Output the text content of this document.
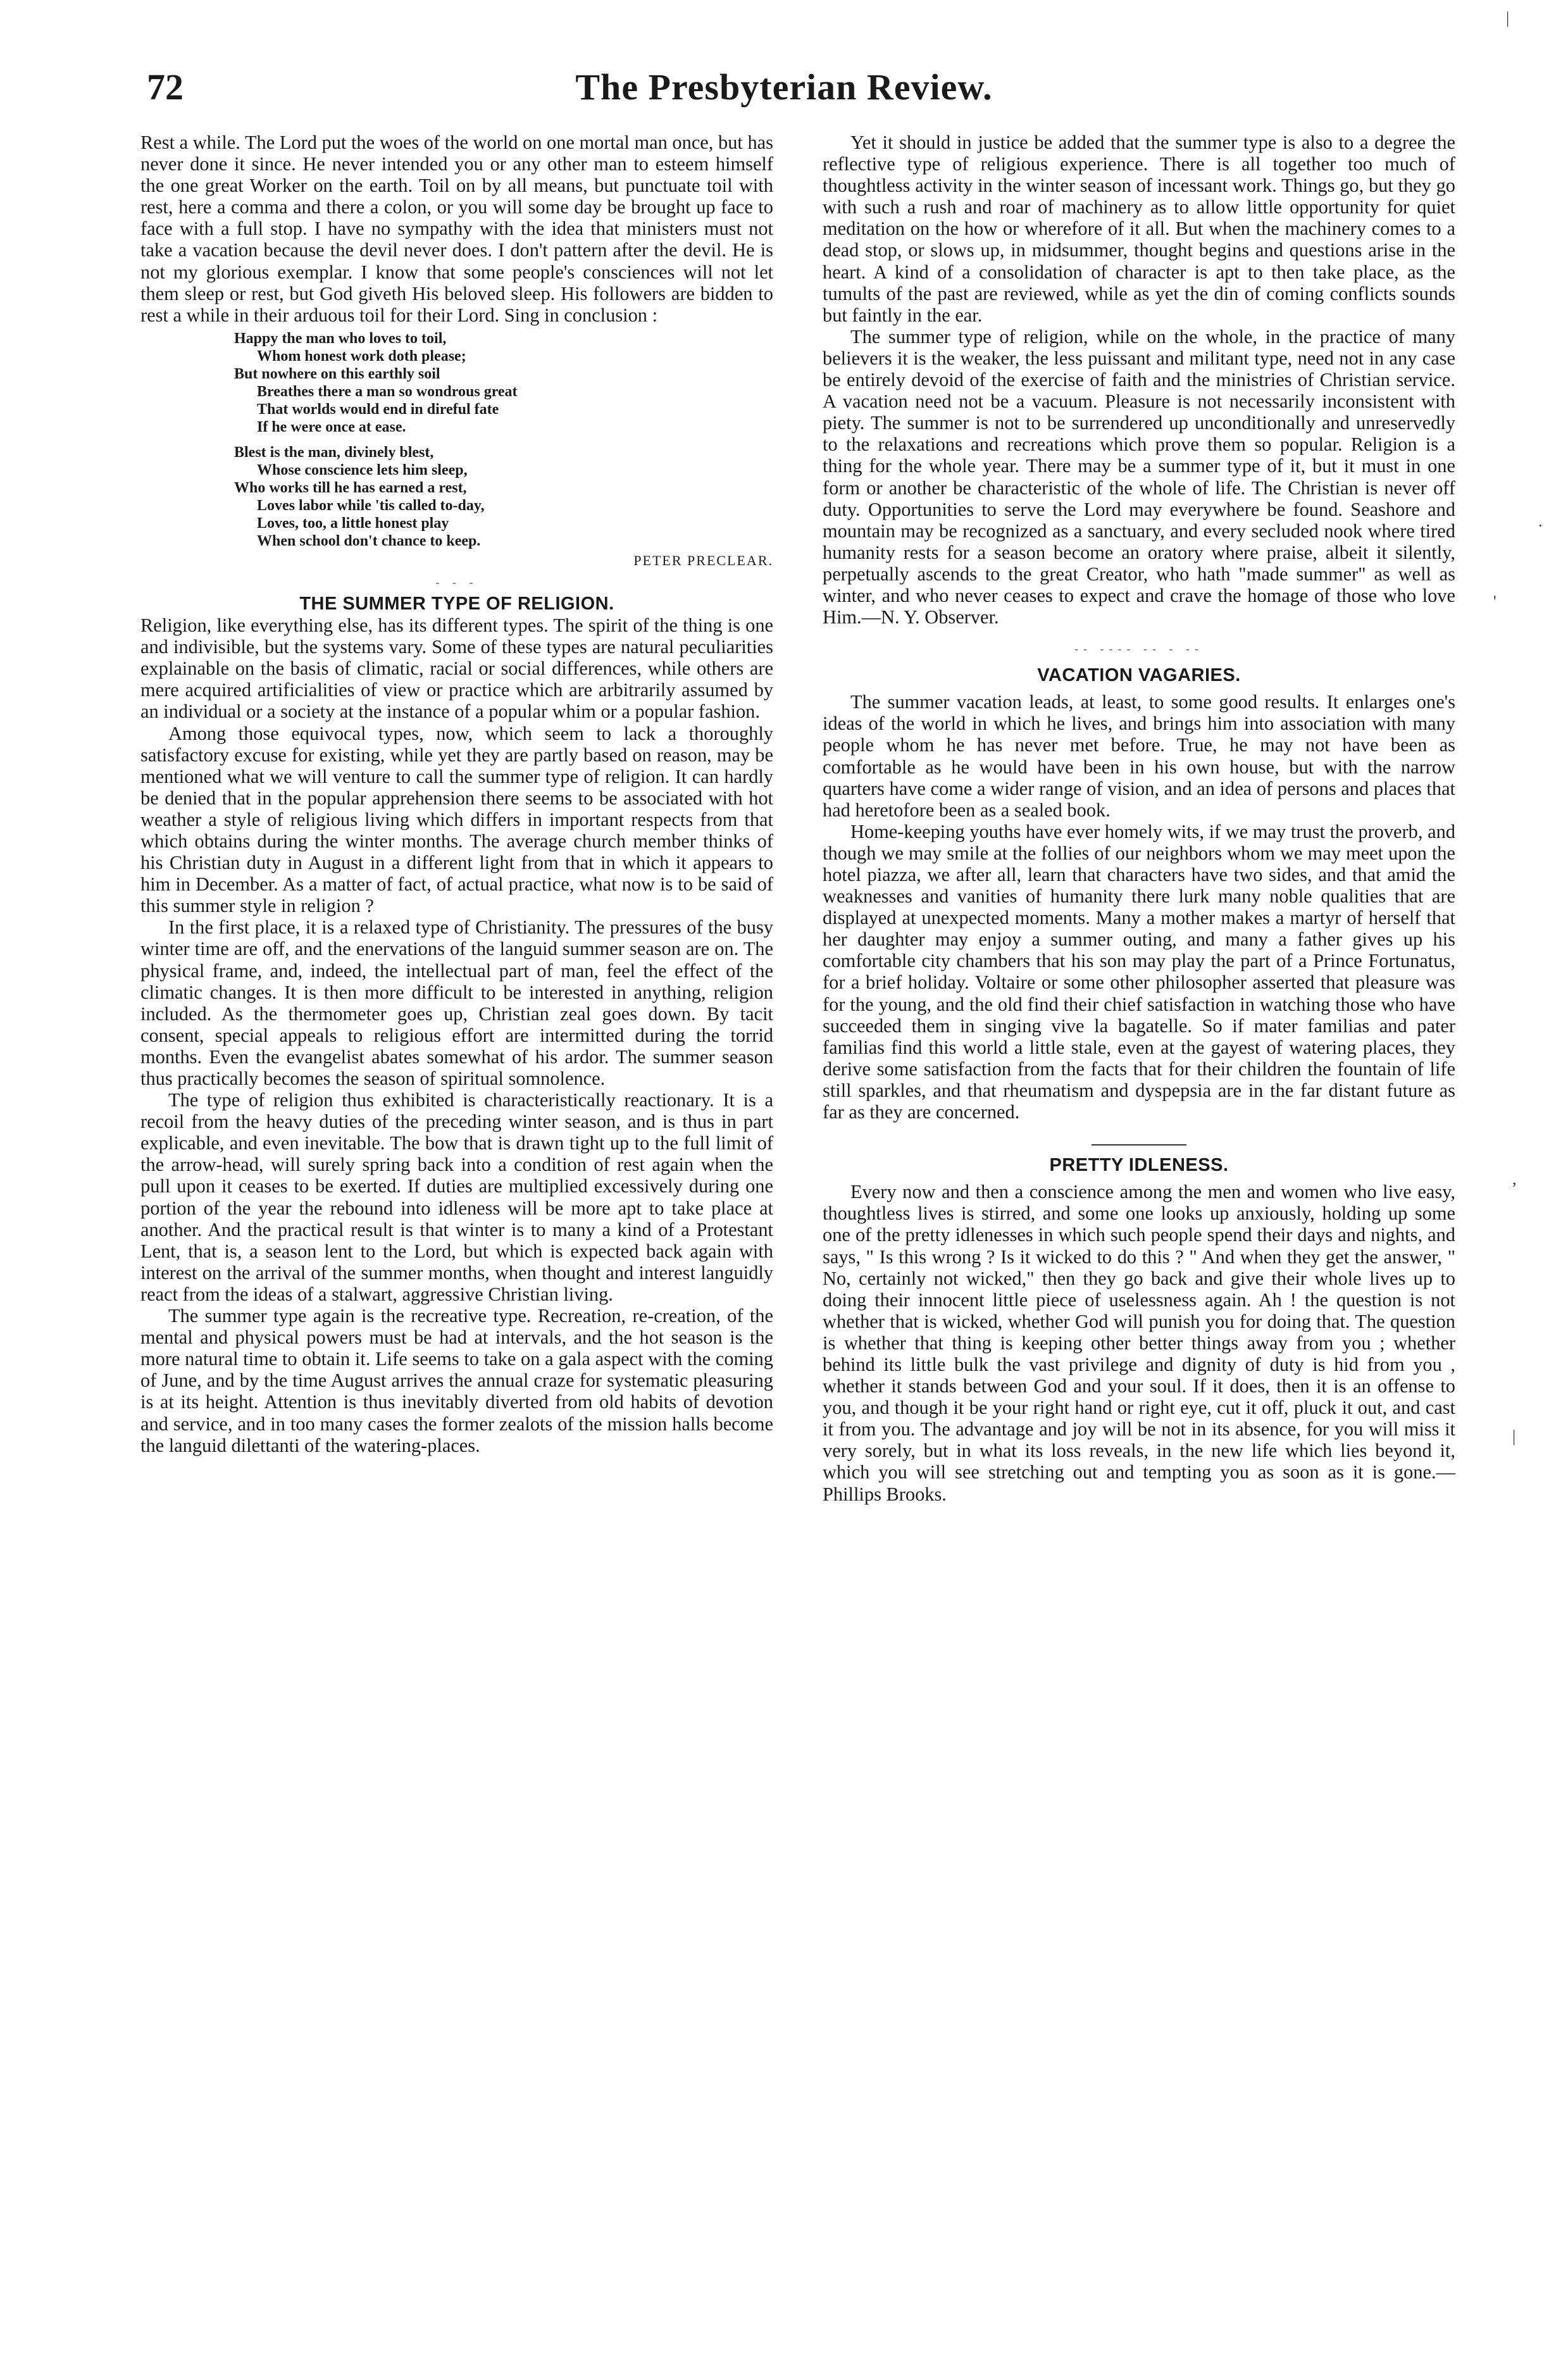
72	The Presbyterian Review.
|
·
'
,
|

Rest a while. The Lord put the woes of the world on one mortal man once, but has never done it since. He never intended you or any other man to esteem himself the one great Worker on the earth. Toil on by all means, but punctuate toil with rest, here a comma and there a colon, or you will some day be brought up face to face with a full stop. I have no sympathy with the idea that ministers must not take a vacation because the devil never does. I don't pattern after the devil. He is not my glorious exemplar. I know that some people's consciences will not let them sleep or rest, but God giveth His beloved sleep. His followers are bidden to rest a while in their arduous toil for their Lord. Sing in conclusion :

Happy the man who loves to toil,
Whom honest work doth please;
But nowhere on this earthly soil
Breathes there a man so wondrous great
That worlds would end in direful fate
If he were once at ease.
Blest is the man, divinely blest,
Whose conscience lets him sleep,
Who works till he has earned a rest,
Loves labor while 'tis called to-day,
Loves, too, a little honest play
When school don't chance to keep.
PETER PRECLEAR.
- - -
THE SUMMER TYPE OF RELIGION.

Religion, like everything else, has its different types. The spirit of the thing is one and indivisible, but the systems vary. Some of these types are natural peculiarities explainable on the basis of climatic, racial or social differences, while others are mere acquired artificialities of view or practice which are arbitrarily assumed by an individual or a society at the instance of a popular whim or a popular fashion.

Among those equivocal types, now, which seem to lack a thoroughly satisfactory excuse for existing, while yet they are partly based on reason, may be mentioned what we will venture to call the summer type of religion. It can hardly be denied that in the popular apprehension there seems to be associated with hot weather a style of religious living which differs in important respects from that which obtains during the winter months. The average church member thinks of his Christian duty in August in a different light from that in which it appears to him in December. As a matter of fact, of actual practice, what now is to be said of this summer style in religion ?

In the first place, it is a relaxed type of Christianity. The pressures of the busy winter time are off, and the enervations of the languid summer season are on. The physical frame, and, indeed, the intellectual part of man, feel the effect of the climatic changes. It is then more difficult to be interested in anything, religion included. As the thermometer goes up, Christian zeal goes down. By tacit consent, special appeals to religious effort are intermitted during the torrid months. Even the evangelist abates somewhat of his ardor. The summer season thus practically becomes the season of spiritual somnolence.

The type of religion thus exhibited is characteristically reactionary. It is a recoil from the heavy duties of the preceding winter season, and is thus in part explicable, and even inevitable. The bow that is drawn tight up to the full limit of the arrow-head, will surely spring back into a condition of rest again when the pull upon it ceases to be exerted. If duties are multiplied excessively during one portion of the year the rebound into idleness will be more apt to take place at another. And the practical result is that winter is to many a kind of a Protestant Lent, that is, a season lent to the Lord, but which is expected back again with interest on the arrival of the summer months, when thought and interest languidly react from the ideas of a stalwart, aggressive Christian living.

The summer type again is the recreative type. Recreation, re-creation, of the mental and physical powers must be had at intervals, and the hot season is the more natural time to obtain it. Life seems to take on a gala aspect with the coming of June, and by the time August arrives the annual craze for systematic pleasuring is at its height. Attention is thus inevitably diverted from old habits of devotion and service, and in too many cases the former zealots of the mission halls become the languid dilettanti of the watering-places.

Yet it should in justice be added that the summer type is also to a degree the reflective type of religious experience. There is all together too much of thoughtless activity in the winter season of incessant work. Things go, but they go with such a rush and roar of machinery as to allow little opportunity for quiet meditation on the how or wherefore of it all. But when the machinery comes to a dead stop, or slows up, in midsummer, thought begins and questions arise in the heart. A kind of a consolidation of character is apt to then take place, as the tumults of the past are reviewed, while as yet the din of coming conflicts sounds but faintly in the ear.

The summer type of religion, while on the whole, in the practice of many believers it is the weaker, the less puissant and militant type, need not in any case be entirely devoid of the exercise of faith and the ministries of Christian service. A vacation need not be a vacuum. Pleasure is not necessarily inconsistent with piety. The summer is not to be surrendered up unconditionally and unreservedly to the relaxations and recreations which prove them so popular. Religion is a thing for the whole year. There may be a summer type of it, but it must in one form or another be characteristic of the whole of life. The Christian is never off duty. Opportunities to serve the Lord may everywhere be found. Seashore and mountain may be recognized as a sanctuary, and every secluded nook where tired humanity rests for a season become an oratory where praise, albeit it silently, perpetually ascends to the great Creator, who hath "made summer" as well as winter, and who never ceases to expect and crave the homage of those who love Him.—N. Y. Observer.

-- ---- -- - --
VACATION VAGARIES.

The summer vacation leads, at least, to some good results. It enlarges one's ideas of the world in which he lives, and brings him into association with many people whom he has never met before. True, he may not have been as comfortable as he would have been in his own house, but with the narrow quarters have come a wider range of vision, and an idea of persons and places that had heretofore been as a sealed book.

Home-keeping youths have ever homely wits, if we may trust the proverb, and though we may smile at the follies of our neighbors whom we may meet upon the hotel piazza, we after all, learn that characters have two sides, and that amid the weaknesses and vanities of humanity there lurk many noble qualities that are displayed at unexpected moments. Many a mother makes a martyr of herself that her daughter may enjoy a summer outing, and many a father gives up his comfortable city chambers that his son may play the part of a Prince Fortunatus, for a brief holiday. Voltaire or some other philosopher asserted that pleasure was for the young, and the old find their chief satisfaction in watching those who have succeeded them in singing vive la bagatelle. So if mater familias and pater familias find this world a little stale, even at the gayest of watering places, they derive some satisfaction from the facts that for their children the fountain of life still sparkles, and that rheumatism and dyspepsia are in the far distant future as far as they are concerned.

PRETTY IDLENESS.

Every now and then a conscience among the men and women who live easy, thoughtless lives is stirred, and some one looks up anxiously, holding up some one of the pretty idlenesses in which such people spend their days and nights, and says, " Is this wrong ? Is it wicked to do this ? " And when they get the answer, " No, certainly not wicked," then they go back and give their whole lives up to doing their innocent little piece of uselessness again. Ah ! the question is not whether that is wicked, whether God will punish you for doing that. The question is whether that thing is keeping other better things away from you ; whether behind its little bulk the vast privilege and dignity of duty is hid from you , whether it stands between God and your soul. If it does, then it is an offense to you, and though it be your right hand or right eye, cut it off, pluck it out, and cast it from you. The advantage and joy will be not in its absence, for you will miss it very sorely, but in what its loss reveals, in the new life which lies beyond it, which you will see stretching out and tempting you as soon as it is gone.—Phillips Brooks.
